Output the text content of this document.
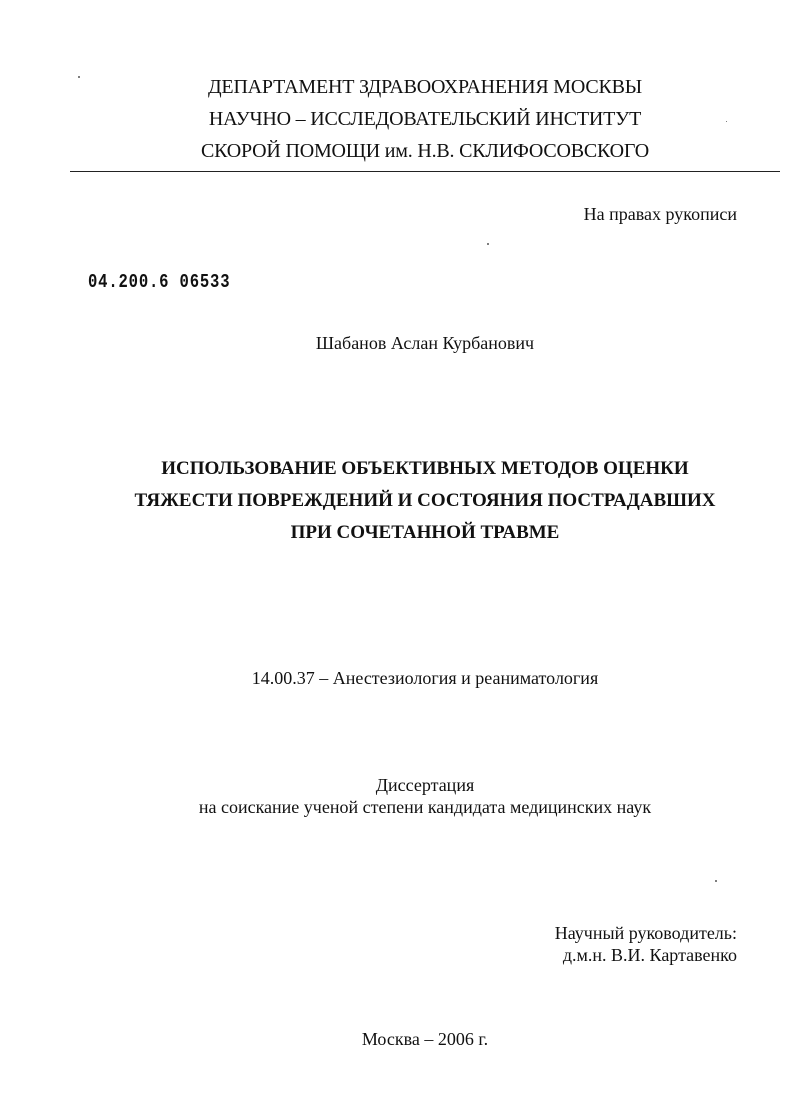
ДЕПАРТАМЕНТ ЗДРАВООХРАНЕНИЯ МОСКВЫ
НАУЧНО – ИССЛЕДОВАТЕЛЬСКИЙ ИНСТИТУТ
СКОРОЙ ПОМОЩИ им. Н.В. СКЛИФОСОВСКОГО
На правах рукописи
04.200.6 06533
Шабанов Аслан Курбанович
ИСПОЛЬЗОВАНИЕ ОБЪЕКТИВНЫХ МЕТОДОВ ОЦЕНКИ
ТЯЖЕСТИ ПОВРЕЖДЕНИЙ И СОСТОЯНИЯ ПОСТРАДАВШИХ
ПРИ СОЧЕТАННОЙ ТРАВМЕ
14.00.37 – Анестезиология и реаниматология
Диссертация
на соискание ученой степени кандидата медицинских наук
Научный руководитель:
д.м.н. В.И. Картавенко
Москва – 2006 г.
